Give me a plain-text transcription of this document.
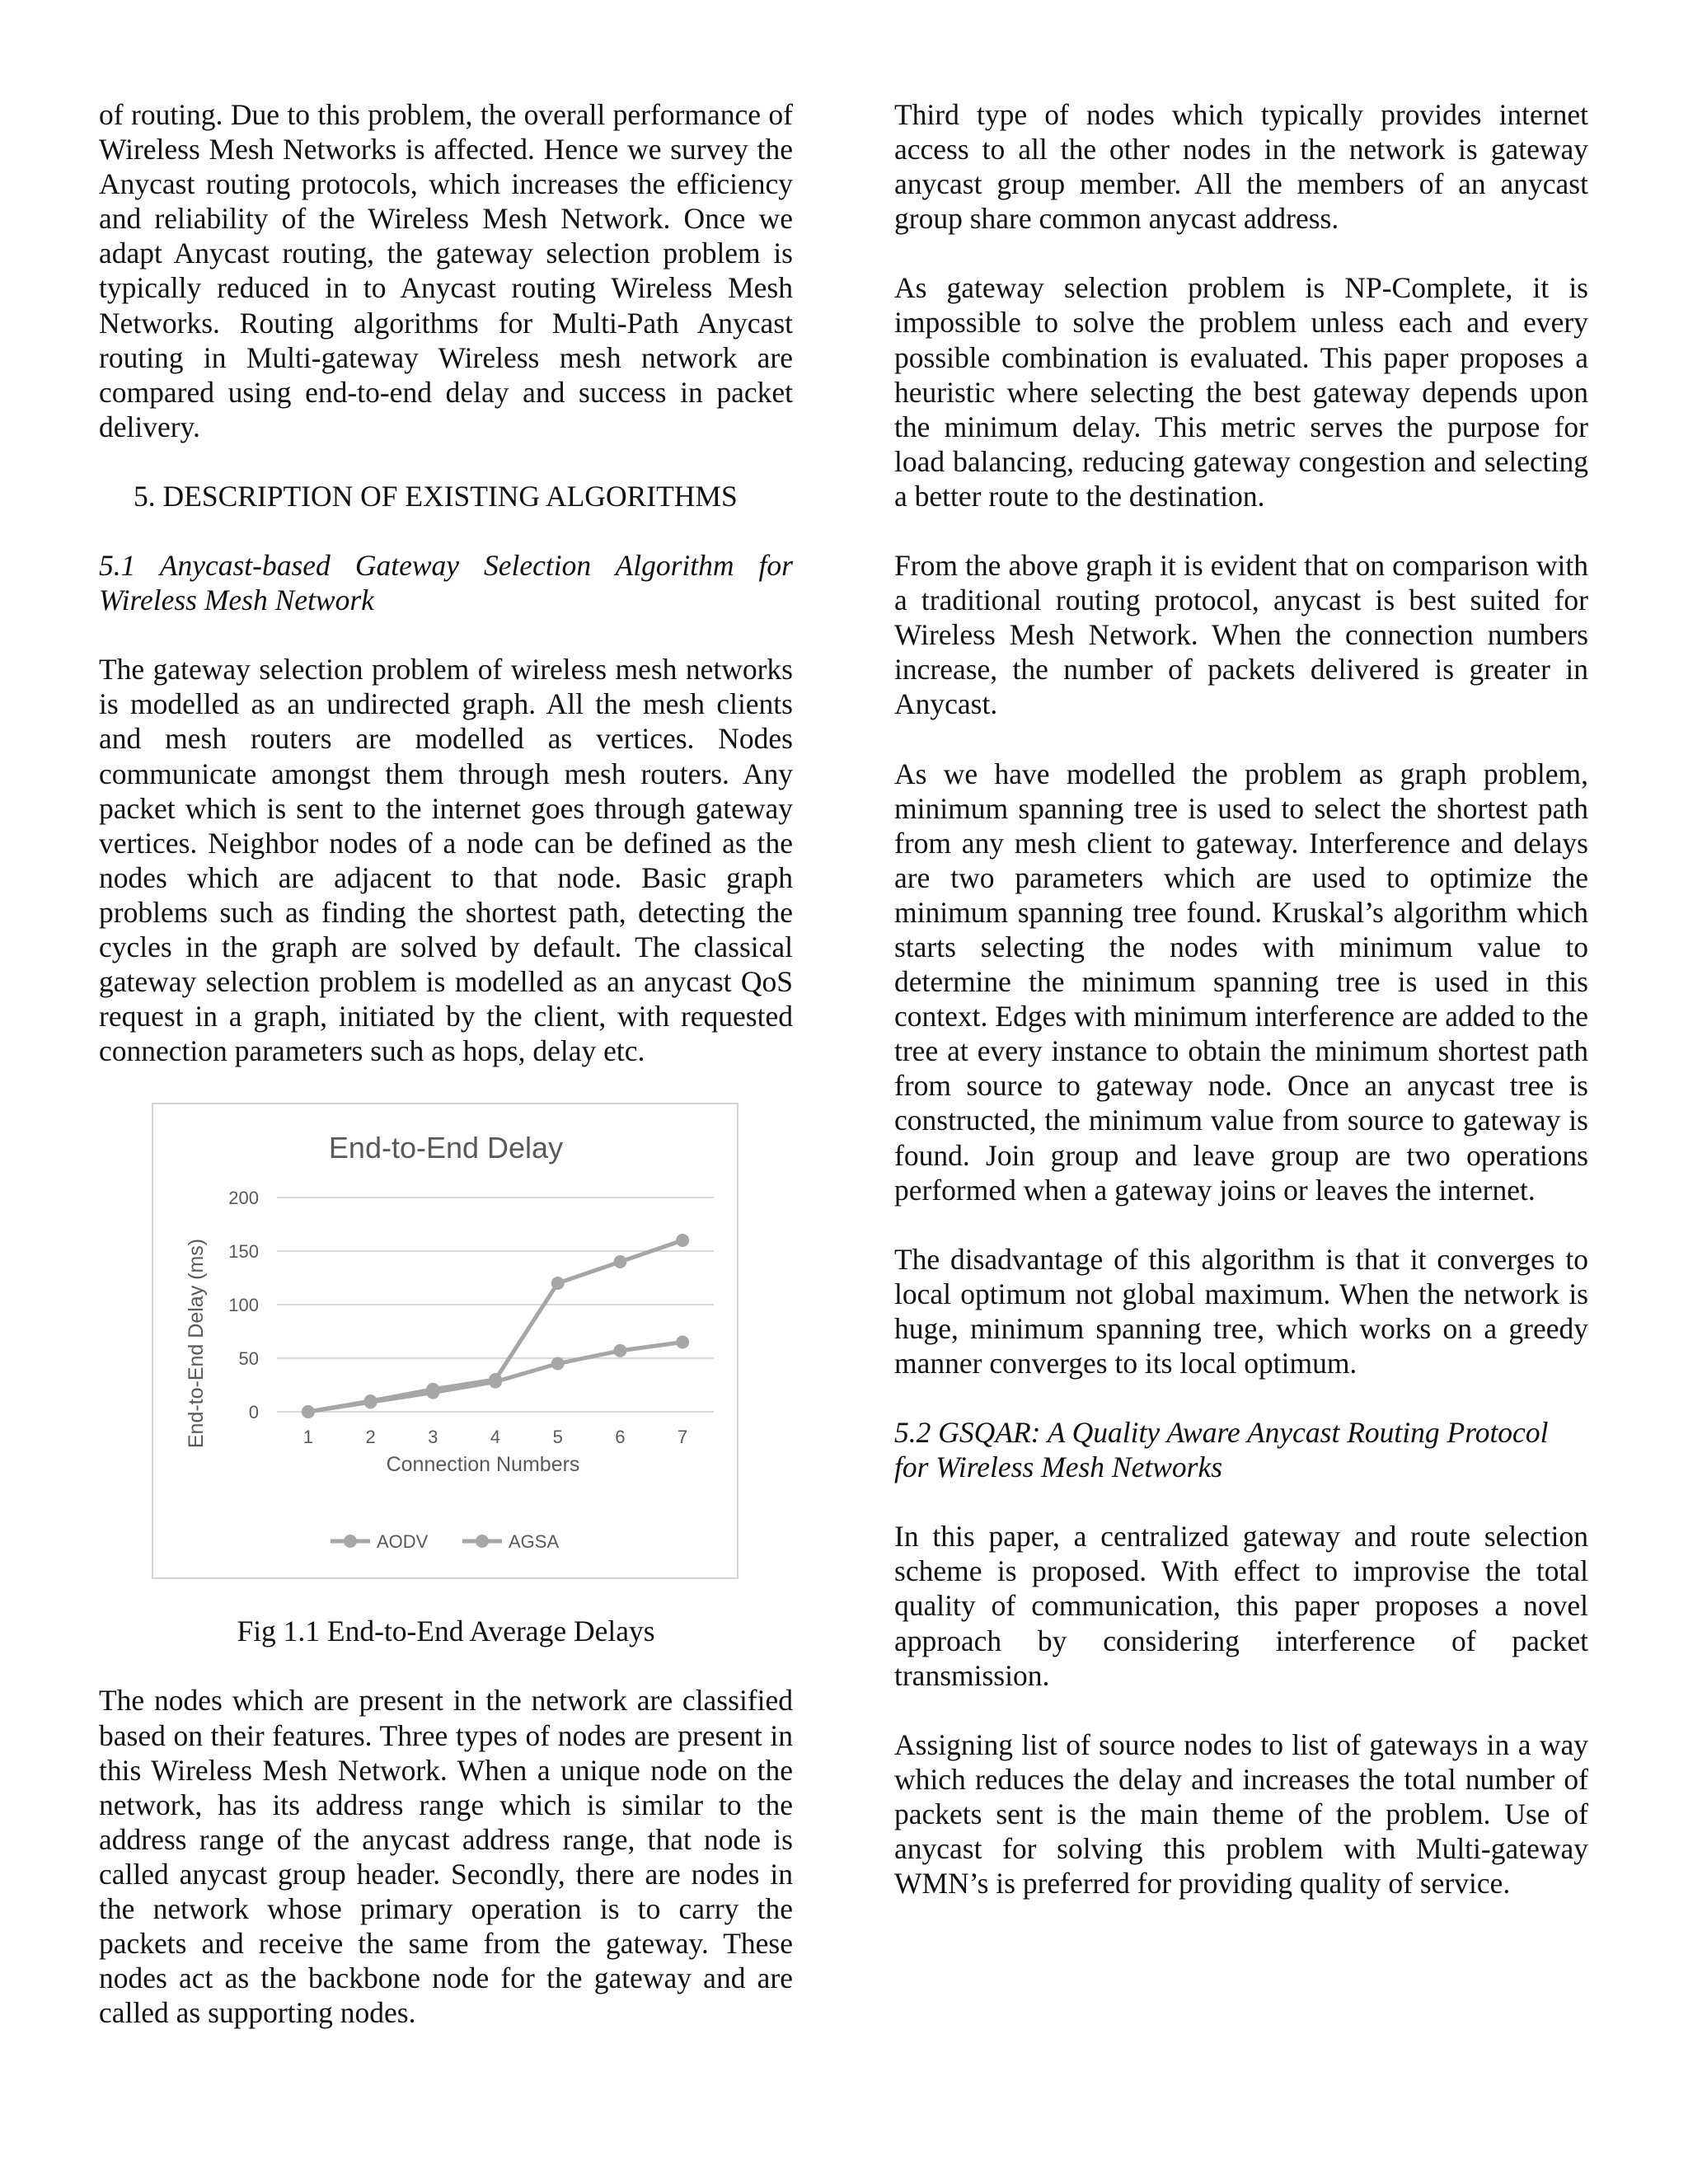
of routing. Due to this problem, the overall performance of Wireless Mesh Networks is affected. Hence we survey the Anycast routing protocols, which increases the efficiency and reliability of the Wireless Mesh Network. Once we adapt Anycast routing, the gateway selection problem is typically reduced in to Anycast routing Wireless Mesh Networks. Routing algorithms for Multi-Path Anycast routing in Multi-gateway Wireless mesh network are compared using end-to-end delay and success in packet delivery.

5. DESCRIPTION OF EXISTING ALGORITHMS
5.1 Anycast-based Gateway Selection Algorithm for Wireless Mesh Network

The gateway selection problem of wireless mesh networks is modelled as an undirected graph. All the mesh clients and mesh routers are modelled as vertices. Nodes communicate amongst them through mesh routers. Any packet which is sent to the internet goes through gateway vertices. Neighbor nodes of a node can be defined as the nodes which are adjacent to that node. Basic graph problems such as finding the shortest path, detecting the cycles in the graph are solved by default. The classical gateway selection problem is modelled as an anycast QoS request in a graph, initiated by the client, with requested connection parameters such as hops, delay etc.

End-to-End Delay
0
50
100
150
200
1	2	3	4	5	6	7
Connection Numbers
End-to-End Delay (ms)
AODV	AGSA
Fig 1.1 End-to-End Average Delays

The nodes which are present in the network are classified based on their features. Three types of nodes are present in this Wireless Mesh Network. When a unique node on the network, has its address range which is similar to the address range of the anycast address range, that node is called anycast group header. Secondly, there are nodes in the network whose primary operation is to carry the packets and receive the same from the gateway. These nodes act as the backbone node for the gateway and are called as supporting nodes.

Third type of nodes which typically provides internet access to all the other nodes in the network is gateway anycast group member. All the members of an anycast group share common anycast address.

As gateway selection problem is NP-Complete, it is impossible to solve the problem unless each and every possible combination is evaluated. This paper proposes a heuristic where selecting the best gateway depends upon the minimum delay. This metric serves the purpose for load balancing, reducing gateway congestion and selecting a better route to the destination.

From the above graph it is evident that on comparison with a traditional routing protocol, anycast is best suited for Wireless Mesh Network. When the connection numbers increase, the number of packets delivered is greater in Anycast.

As we have modelled the problem as graph problem, minimum spanning tree is used to select the shortest path from any mesh client to gateway. Interference and delays are two parameters which are used to optimize the minimum spanning tree found. Kruskal’s algorithm which starts selecting the nodes with minimum value to determine the minimum spanning tree is used in this context. Edges with minimum interference are added to the tree at every instance to obtain the minimum shortest path from source to gateway node. Once an anycast tree is constructed, the minimum value from source to gateway is found. Join group and leave group are two operations performed when a gateway joins or leaves the internet.

The disadvantage of this algorithm is that it converges to local optimum not global maximum. When the network is huge, minimum spanning tree, which works on a greedy manner converges to its local optimum.

5.2 GSQAR: A Quality Aware Anycast Routing Protocol for Wireless Mesh Networks

In this paper, a centralized gateway and route selection scheme is proposed. With effect to improvise the total quality of communication, this paper proposes a novel approach by considering interference of packet transmission.

Assigning list of source nodes to list of gateways in a way which reduces the delay and increases the total number of packets sent is the main theme of the problem. Use of anycast for solving this problem with Multi-gateway WMN’s is preferred for providing quality of service.
